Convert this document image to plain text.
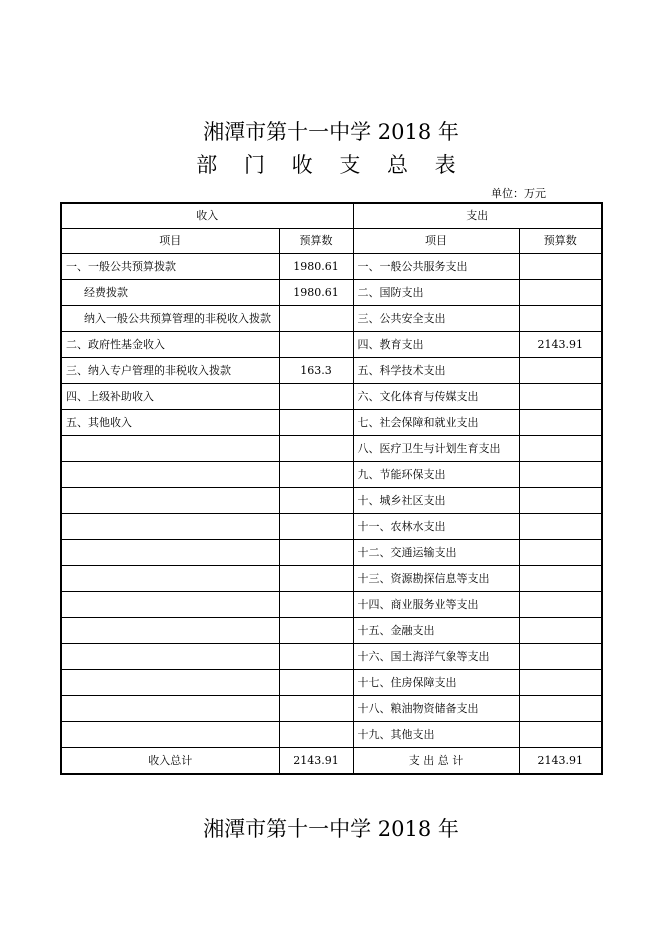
湘潭市第十一中学 2018 年
部 门 收 支 总 表
单位：万元
收入		支出	
项目	预算数	项目	预算数
一、一般公共预算拨款	1980.61	一、一般公共服务支出	
经费拨款	1980.61	二、国防支出	
纳入一般公共预算管理的非税收入拨款		三、公共安全支出	
二、政府性基金收入		四、教育支出	2143.91
三、纳入专户管理的非税收入拨款	163.3	五、科学技术支出	
四、上级补助收入		六、文化体育与传媒支出	
五、其他收入		七、社会保障和就业支出	
		八、医疗卫生与计划生育支出	
		九、节能环保支出	
		十、城乡社区支出	
		十一、农林水支出	
		十二、交通运输支出	
		十三、资源勘探信息等支出	
		十四、商业服务业等支出	
		十五、金融支出	
		十六、国土海洋气象等支出	
		十七、住房保障支出	
		十八、粮油物资储备支出	
		十九、其他支出	
收入总计	2143.91	支 出 总 计	2143.91
湘潭市第十一中学 2018 年
